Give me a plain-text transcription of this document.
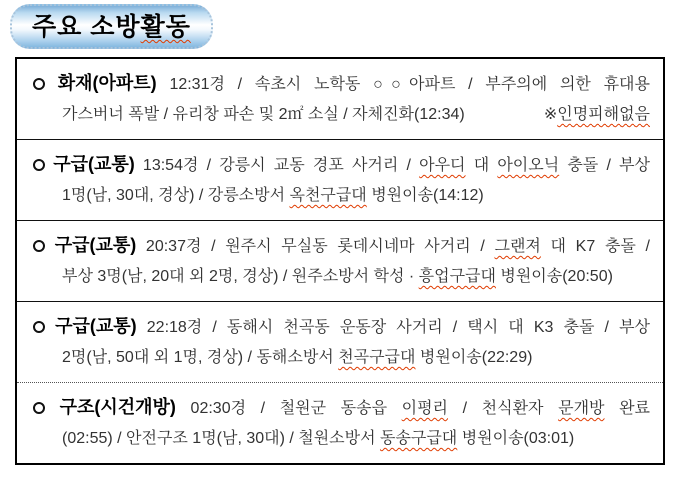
주요 소방활동
화재(아파트) 12:31경 / 속초시 노학동 ○○아파트 / 부주의에 의한 휴대용
가스버너 폭발 / 유리창 파손 및 2㎡ 소실 / 자체진화(12:34)	※인명피해없음
구급(교통) 13:54경 / 강릉시 교동 경포 사거리 / 아우디 대 아이오닉 충돌 / 부상
1명(남, 30대, 경상) / 강릉소방서 옥천구급대 병원이송(14:12)
구급(교통) 20:37경 / 원주시 무실동 롯데시네마 사거리 / 그랜져 대 K7 충돌 /
부상 3명(남, 20대 외 2명, 경상) / 원주소방서 학성 · 흥업구급대 병원이송(20:50)
구급(교통) 22:18경 / 동해시 천곡동 운동장 사거리 / 택시 대 K3 충돌 / 부상
2명(남, 50대 외 1명, 경상) / 동해소방서 천곡구급대 병원이송(22:29)
구조(시건개방) 02:30경 / 철원군 동송읍 이평리 / 천식환자 문개방 완료
(02:55) / 안전구조 1명(남, 30대) / 철원소방서 동송구급대 병원이송(03:01)
